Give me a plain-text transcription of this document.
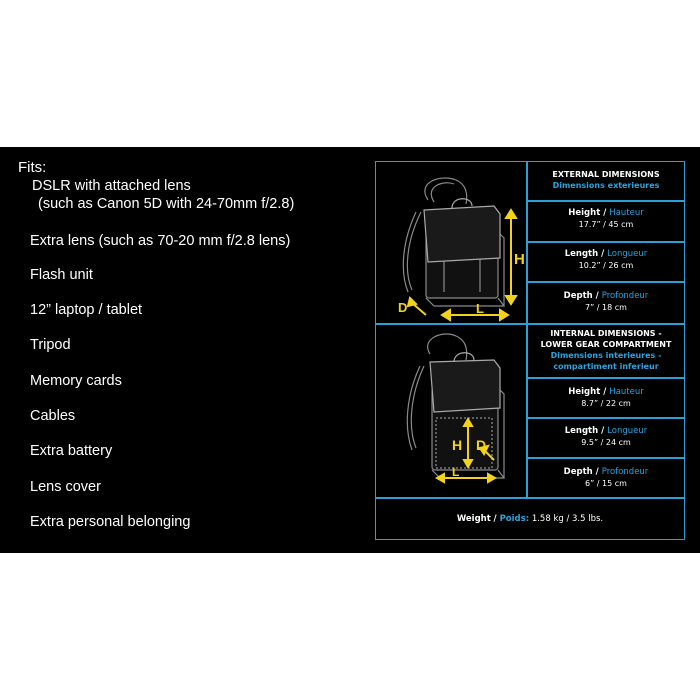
Fits:
DSLR with attached lens
(such as Canon 5D with 24-70mm f/2.8)
Extra lens (such as 70-20 mm f/2.8 lens)
Flash unit
12” laptop / tablet
Tripod
Memory cards
Cables
Extra battery
Lens cover
Extra personal belonging
EXTERNAL DIMENSIONS
Dimensions exterieures
Height / Hauteur
17.7” / 45 cm
Length / Longueur
10.2” / 26 cm
Depth / Profondeur
7” / 18 cm
INTERNAL DIMENSIONS -
LOWER GEAR COMPARTMENT
Dimensions interieures -
compartiment inferieur
Height / Hauteur
8.7” / 22 cm
Length / Longueur
9.5” / 24 cm
Depth / Profondeur
6” / 15 cm
Weight / Poids: 1.58 kg / 3.5 lbs.
H
L
D
H D
L
